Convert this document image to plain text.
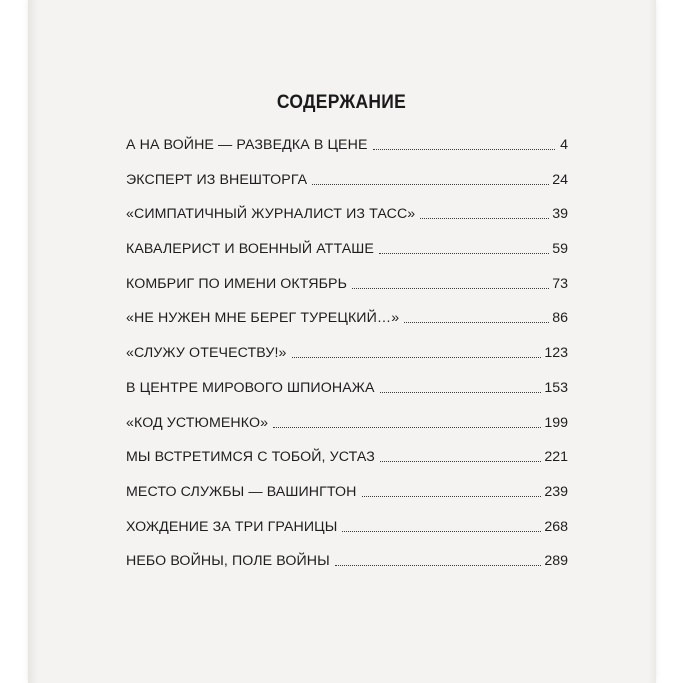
СОДЕРЖАНИЕ
А НА ВОЙНЕ — РАЗВЕДКА В ЦЕНЕ	4
ЭКСПЕРТ ИЗ ВНЕШТОРГА	24
«СИМПАТИЧНЫЙ ЖУРНАЛИСТ ИЗ ТАСС»	39
КАВАЛЕРИСТ И ВОЕННЫЙ АТТАШЕ	59
КОМБРИГ ПО ИМЕНИ ОКТЯБРЬ	73
«НЕ НУЖЕН МНЕ БЕРЕГ ТУРЕЦКИЙ…»	86
«СЛУЖУ ОТЕЧЕСТВУ!»	123
В ЦЕНТРЕ МИРОВОГО ШПИОНАЖА	153
«КОД УСТЮМЕНКО»	199
МЫ ВСТРЕТИМСЯ С ТОБОЙ, УСТАЗ	221
МЕСТО СЛУЖБЫ — ВАШИНГТОН	239
ХОЖДЕНИЕ ЗА ТРИ ГРАНИЦЫ	268
НЕБО ВОЙНЫ, ПОЛЕ ВОЙНЫ	289
